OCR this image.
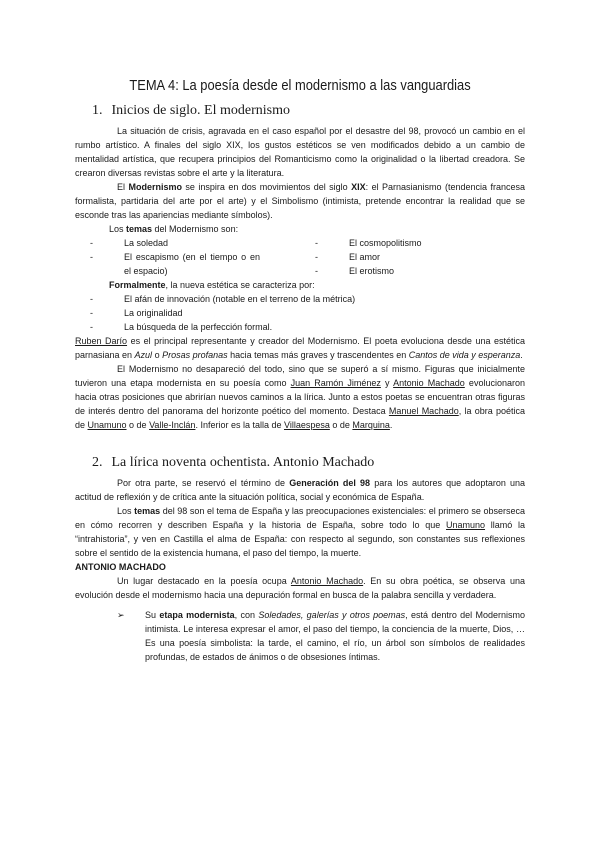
TEMA 4: La poesía desde el modernismo a las vanguardias
1. Inicios de siglo. El modernismo

La situación de crisis, agravada en el caso español por el desastre del 98, provocó un cambio en el rumbo artístico. A finales del siglo XIX, los gustos estéticos se ven modificados debido a un cambio de mentalidad artística, que recupera principios del Romanticismo como la originalidad o la libertad creadora. Se crearon diversas revistas sobre el arte y la literatura.

El Modernismo se inspira en dos movimientos del siglo XIX: el Parnasianismo (tendencia francesa formalista, partidaria del arte por el arte) y el Simbolismo (intimista, pretende encontrar la realidad que se esconde tras las apariencias mediante símbolos).

Los temas del Modernismo son:

-	La soledad
-	El escapismo (en el tiempo o en el espacio)
-	El cosmopolitismo
-	El amor
-	El erotismo

Formalmente, la nueva estética se caracteriza por:

-	El afán de innovación (notable en el terreno de la métrica)
-	La originalidad
-	La búsqueda de la perfección formal.

Ruben Darío es el principal representante y creador del Modernismo. El poeta evoluciona desde una estética parnasiana en Azul o Prosas profanas hacia temas más graves y trascendentes en Cantos de vida y esperanza.

El Modernismo no desapareció del todo, sino que se superó a sí mismo. Figuras que inicialmente tuvieron una etapa modernista en su poesía como Juan Ramón Jiménez y Antonio Machado evolucionaron hacia otras posiciones que abrirían nuevos caminos a la lírica. Junto a estos poetas se encuentran otras figuras de interés dentro del panorama del horizonte poético del momento. Destaca Manuel Machado, la obra poética de Unamuno o de Valle-Inclán. Inferior es la talla de Villaespesa o de Marquina.

2. La lírica noventa ochentista. Antonio Machado

Por otra parte, se reservó el término de Generación del 98 para los autores que adoptaron una actitud de reflexión y de crítica ante la situación política, social y económica de España.

Los temas del 98 son el tema de España y las preocupaciones existenciales: el primero se obserseca en cómo recorren y describen España y la historia de España, sobre todo lo que Unamuno llamó la “intrahistoria”, y ven en Castilla el alma de España: con respecto al segundo, son constantes sus reflexiones sobre el sentido de la existencia humana, el paso del tiempo, la muerte.

ANTONIO MACHADO

Un lugar destacado en la poesía ocupa Antonio Machado. En su obra poética, se observa una evolución desde el modernismo hacia una depuración formal en busca de la palabra sencilla y verdadera.

➢	Su etapa modernista, con Soledades, galerías y otros poemas, está dentro del Modernismo intimista. Le interesa expresar el amor, el paso del tiempo, la conciencia de la muerte, Dios, … Es una poesía simbolista: la tarde, el camino, el río, un árbol son símbolos de realidades profundas, de estados de ánimos o de obsesiones íntimas.
